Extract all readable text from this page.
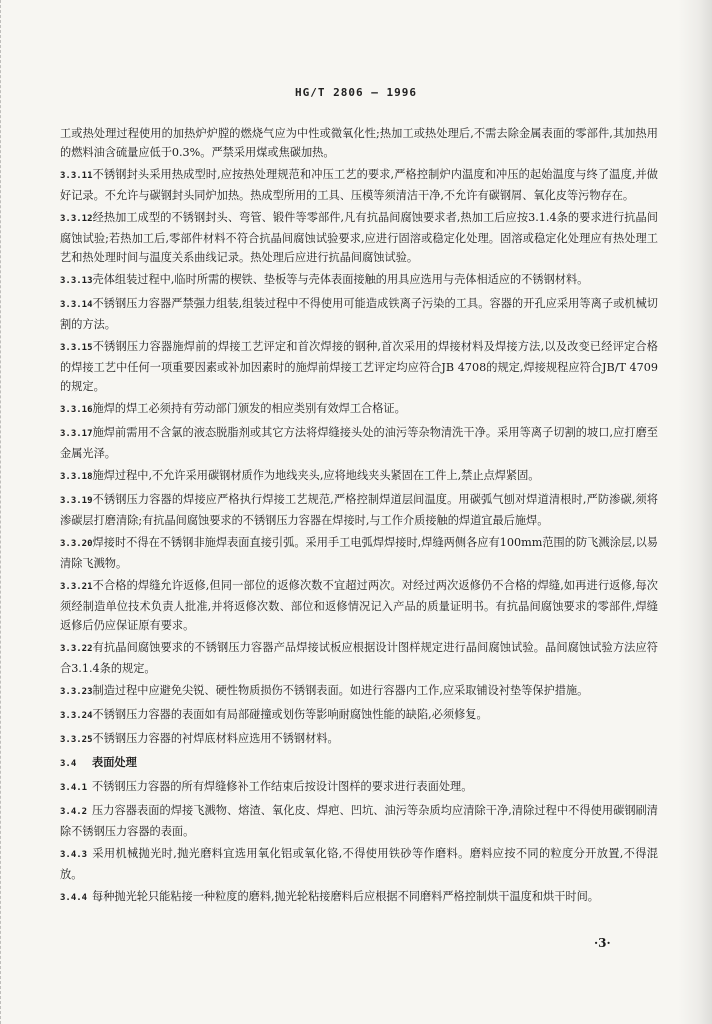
HG/T 2806 — 1996

工或热处理过程使用的加热炉炉膛的燃烧气应为中性或微氧化性;热加工或热处理后,不需去除金属表面的零部件,其加热用的燃料油含硫量应低于0.3%。严禁采用煤或焦碳加热。

3.3.11不锈钢封头采用热成型时,应按热处理规范和冲压工艺的要求,严格控制炉内温度和冲压的起始温度与终了温度,并做好记录。不允许与碳钢封头同炉加热。热成型所用的工具、压模等须清洁干净,不允许有碳钢屑、氧化皮等污物存在。

3.3.12经热加工成型的不锈钢封头、弯管、锻件等零部件,凡有抗晶间腐蚀要求者,热加工后应按3.1.4条的要求进行抗晶间腐蚀试验;若热加工后,零部件材料不符合抗晶间腐蚀试验要求,应进行固溶或稳定化处理。固溶或稳定化处理应有热处理工艺和热处理时间与温度关系曲线记录。热处理后应进行抗晶间腐蚀试验。

3.3.13壳体组装过程中,临时所需的楔铁、垫板等与壳体表面接触的用具应选用与壳体相适应的不锈钢材料。

3.3.14不锈钢压力容器严禁强力组装,组装过程中不得使用可能造成铁离子污染的工具。容器的开孔应采用等离子或机械切割的方法。

3.3.15不锈钢压力容器施焊前的焊接工艺评定和首次焊接的钢种,首次采用的焊接材料及焊接方法,以及改变已经评定合格的焊接工艺中任何一项重要因素或补加因素时的施焊前焊接工艺评定均应符合JB 4708的规定,焊接规程应符合JB/T 4709的规定。

3.3.16施焊的焊工必须持有劳动部门颁发的相应类别有效焊工合格证。

3.3.17施焊前需用不含氯的液态脱脂剂或其它方法将焊缝接头处的油污等杂物清洗干净。采用等离子切割的坡口,应打磨至金属光泽。

3.3.18施焊过程中,不允许采用碳钢材质作为地线夹头,应将地线夹头紧固在工件上,禁止点焊紧固。

3.3.19不锈钢压力容器的焊接应严格执行焊接工艺规范,严格控制焊道层间温度。用碳弧气刨对焊道清根时,严防渗碳,须将渗碳层打磨清除;有抗晶间腐蚀要求的不锈钢压力容器在焊接时,与工作介质接触的焊道宜最后施焊。

3.3.20焊接时不得在不锈钢非施焊表面直接引弧。采用手工电弧焊焊接时,焊缝两侧各应有100mm范围的防飞溅涂层,以易清除飞溅物。

3.3.21不合格的焊缝允许返修,但同一部位的返修次数不宜超过两次。对经过两次返修仍不合格的焊缝,如再进行返修,每次须经制造单位技术负责人批准,并将返修次数、部位和返修情况记入产品的质量证明书。有抗晶间腐蚀要求的零部件,焊缝返修后仍应保证原有要求。

3.3.22有抗晶间腐蚀要求的不锈钢压力容器产品焊接试板应根据设计图样规定进行晶间腐蚀试验。晶间腐蚀试验方法应符合3.1.4条的规定。

3.3.23制造过程中应避免尖锐、硬性物质损伤不锈钢表面。如进行容器内工作,应采取铺设衬垫等保护措施。

3.3.24不锈钢压力容器的表面如有局部碰撞或划伤等影响耐腐蚀性能的缺陷,必须修复。

3.3.25不锈钢压力容器的衬焊底材料应选用不锈钢材料。

3.4 表面处理

3.4.1 不锈钢压力容器的所有焊缝修补工作结束后按设计图样的要求进行表面处理。

3.4.2 压力容器表面的焊接飞溅物、熔渣、氧化皮、焊疤、凹坑、油污等杂质均应清除干净,清除过程中不得使用碳钢刷清除不锈钢压力容器的表面。

3.4.3 采用机械抛光时,抛光磨料宜选用氧化铝或氧化铬,不得使用铁砂等作磨料。磨料应按不同的粒度分开放置,不得混放。

3.4.4 每种抛光轮只能粘接一种粒度的磨料,抛光轮粘接磨料后应根据不同磨料严格控制烘干温度和烘干时间。

·3·
